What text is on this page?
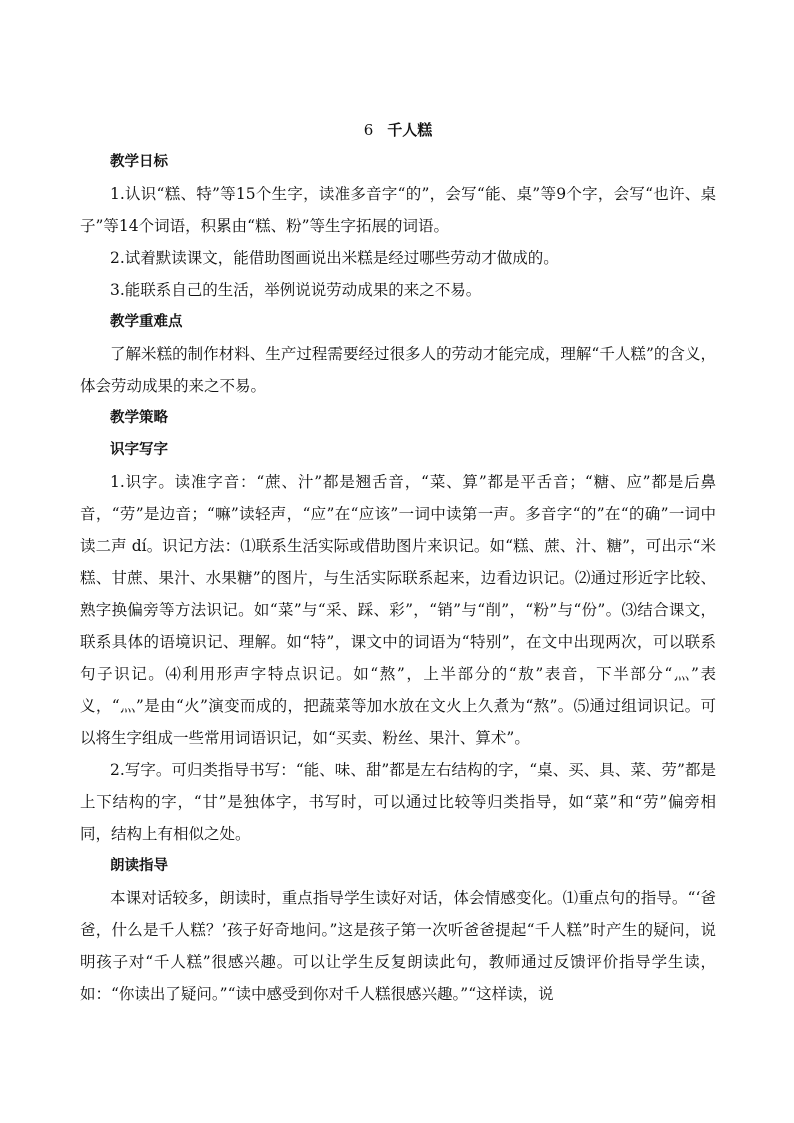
6 千人糕

教学日标

1.认识“糕、特”等15个生字，读准多音字“的”，会写“能、桌”等9个字，会写“也许、桌子”等14个词语，积累由“糕、粉”等生字拓展的词语。

2.试着默读课文，能借助图画说出米糕是经过哪些劳动才做成的。

3.能联系自己的生活，举例说说劳动成果的来之不易。

教学重难点

了解米糕的制作材料、生产过程需要经过很多人的劳动才能完成，理解“千人糕”的含义，体会劳动成果的来之不易。

教学策略

识字写字

1.识字。读准字音：“蔗、汁”都是翘舌音，“菜、算”都是平舌音；“糖、应”都是后鼻音，“劳”是边音；“嘛”读轻声，“应”在“应该”一词中读第一声。多音字“的”在“的确”一词中读二声 dí。识记方法：⑴联系生活实际或借助图片来识记。如“糕、蔗、汁、糖”，可出示“米糕、甘蔗、果汁、水果糖”的图片，与生活实际联系起来，边看边识记。⑵通过形近字比较、熟字换偏旁等方法识记。如“菜”与“采、踩、彩”，“销”与“削”，“粉”与“份”。⑶结合课文，联系具体的语境识记、理解。如“特”，课文中的词语为“特别”，在文中出现两次，可以联系句子识记。⑷利用形声字特点识记。如“熬”，上半部分的“敖”表音，下半部分“灬”表义，“灬”是由“火”演变而成的，把蔬菜等加水放在文火上久煮为“熬”。⑸通过组词识记。可以将生字组成一些常用词语识记，如“买卖、粉丝、果汁、算术”。

2.写字。可归类指导书写：“能、味、甜”都是左右结构的字，“桌、买、具、菜、劳”都是上下结构的字，“甘”是独体字，书写时，可以通过比较等归类指导，如“菜”和“劳”偏旁相同，结构上有相似之处。

朗读指导

本课对话较多，朗读时，重点指导学生读好对话，体会情感变化。⑴重点句的指导。“‘爸爸，什么是千人糕？’孩子好奇地问。”这是孩子第一次听爸爸提起“千人糕”时产生的疑问，说明孩子对“千人糕”很感兴趣。可以让学生反复朗读此句，教师通过反馈评价指导学生读，如：“你读出了疑问。”“读中感受到你对千人糕很感兴趣。”“这样读，说
